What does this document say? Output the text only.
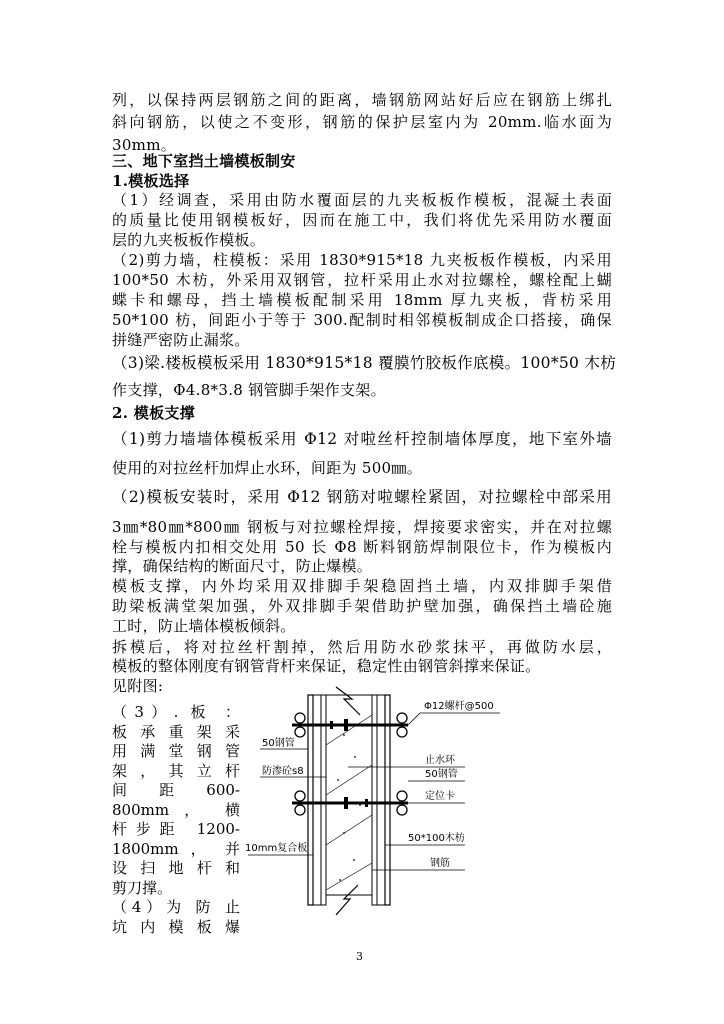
列，以保持两层钢筋之间的距离，墙钢筋网站好后应在钢筋上绑扎
斜向钢筋，以使之不变形，钢筋的保护层室内为 20mm.临水面为
30mm。
三、地下室挡土墙模板制安
1.模板选择
（1）经调查，采用由防水覆面层的九夹板板作模板，混凝土表面
的质量比使用钢模板好，因而在施工中，我们将优先采用防水覆面
层的九夹板板作模板。
（2)剪力墙，柱模板：采用 1830*915*18 九夹板板作模板，内采用
100*50 木枋，外采用双钢管，拉杆采用止水对拉螺栓，螺栓配上蝴
蝶卡和螺母，挡土墙模板配制采用 18mm 厚九夹板，背枋采用
50*100 枋，间距小于等于 300.配制时相邻模板制成企口搭接，确保
拼缝严密防止漏浆。
（3)梁.楼板模板采用 1830*915*18 覆膜竹胶板作底模。100*50 木枋
作支撑，Φ4.8*3.8 钢管脚手架作支架。
2. 模板支撑
（1)剪力墙墙体模板采用 Φ12 对啦丝杆控制墙体厚度，地下室外墙
使用的对拉丝杆加焊止水环，间距为 500㎜。
（2)模板安装时，采用 Φ12 钢筋对啦螺栓紧固，对拉螺栓中部采用
3㎜*80㎜*800㎜ 钢板与对拉螺栓焊接，焊接要求密实，并在对拉螺
栓与模板内扣相交处用 50 长 Φ8 断料钢筋焊制限位卡，作为模板内
撑，确保结构的断面尺寸，防止爆模。
模板支撑，内外均采用双排脚手架稳固挡土墙，内双排脚手架借
助梁板满堂架加强，外双排脚手架借助护壁加强，确保挡土墙砼施
工时，防止墙体模板倾斜。
拆模后，将对拉丝杆割掉，然后用防水砂浆抹平，再做防水层，
模板的整体刚度有钢管背杆来保证，稳定性由钢管斜撑来保证。
见附图:
（3）. 板 ：
板 承 重 架 采
用 满 堂 钢 管
架 ， 其 立 杆
间 距 600-
800mm ， 横
杆步距 1200-
1800mm ， 并
设 扫 地 杆 和
剪刀撑。
（4）为 防 止
坑 内 模 板 爆
Φ12螺杆@500
50钢管
防渗砼s8
止水环
50钢管
定位卡
10mm复合板
50*100木枋
钢筋
3
